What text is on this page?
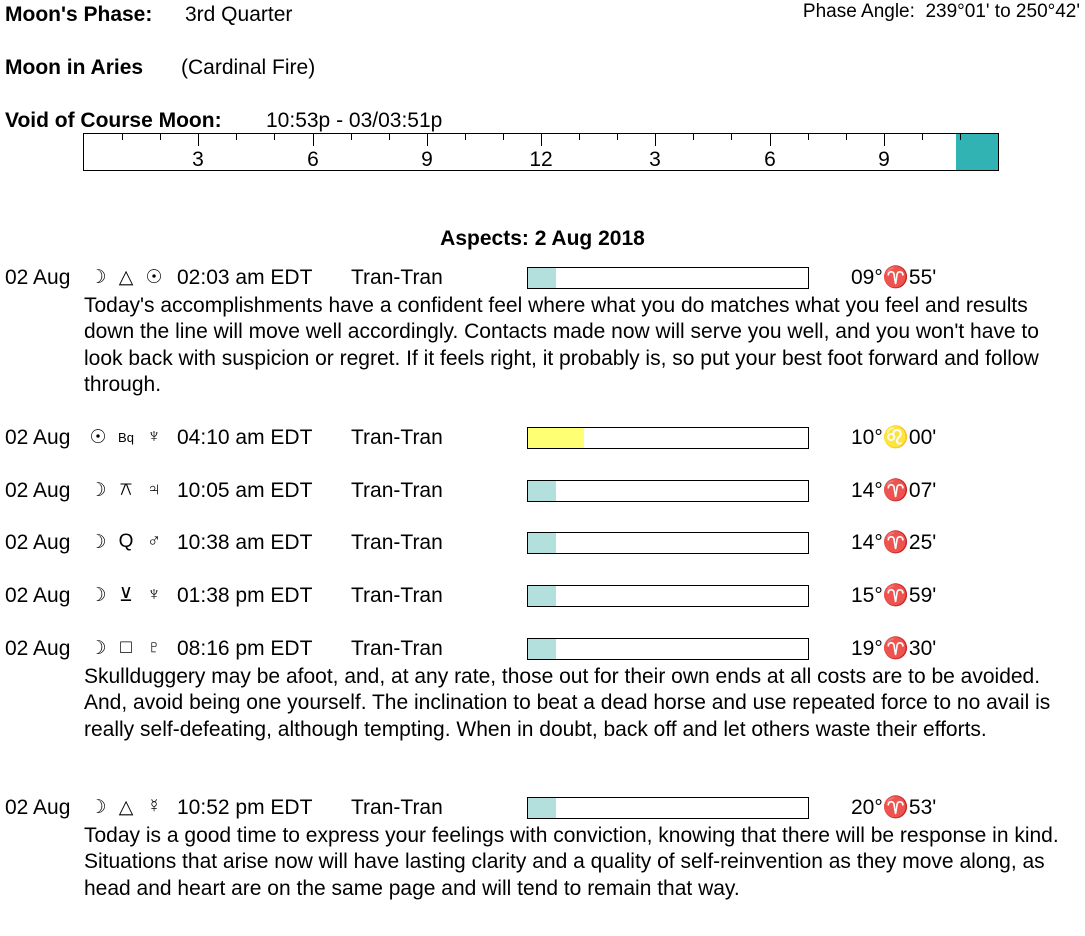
Moon's Phase: 3rd Quarter	Phase Angle: 239°01' to 250°42'
Moon in Aries (Cardinal Fire)
Void of Course Moon: 10:53p - 03/03:51p
3	6	9	12	3	6	9
Aspects: 2 Aug 2018
02 Aug ☽ △ ☉ 02:03 am EDT Tran-Tran	09°♈55'
Today's accomplishments have a confident feel where what you do matches what you feel and results down the line will move well accordingly. Contacts made now will serve you well, and you won't have to look back with suspicion or regret. If it feels right, it probably is, so put your best foot forward and follow through.
02 Aug ☉ Bq ♆ 04:10 am EDT Tran-Tran	10°♌00'
02 Aug ☽ ⚻ ♃ 10:05 am EDT Tran-Tran	14°♈07'
02 Aug ☽ Q ♂ 10:38 am EDT Tran-Tran	14°♈25'
02 Aug ☽ ⊻ ♆ 01:38 pm EDT Tran-Tran	15°♈59'
02 Aug ☽ □ ♇ 08:16 pm EDT Tran-Tran	19°♈30'
Skullduggery may be afoot, and, at any rate, those out for their own ends at all costs are to be avoided. And, avoid being one yourself. The inclination to beat a dead horse and use repeated force to no avail is really self-defeating, although tempting. When in doubt, back off and let others waste their efforts.
02 Aug ☽ △ ☿ 10:52 pm EDT Tran-Tran	20°♈53'
Today is a good time to express your feelings with conviction, knowing that there will be response in kind. Situations that arise now will have lasting clarity and a quality of self-reinvention as they move along, as head and heart are on the same page and will tend to remain that way.
